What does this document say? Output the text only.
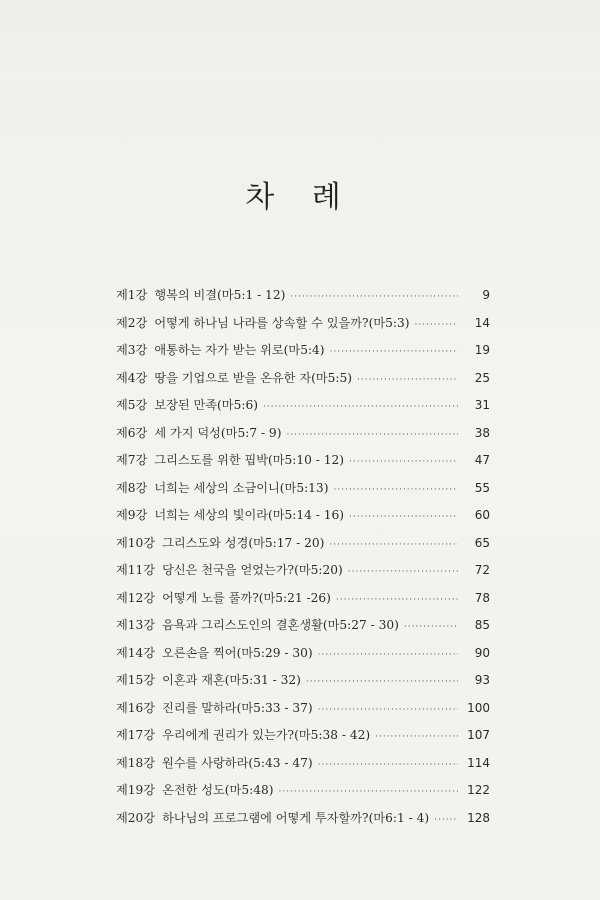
차 례
제1강 행복의 비결(마5:1 - 12) ·····	9
제2강 어떻게 하나님 나라를 상속할 수 있을까?(마5:3) ·····	14
제3강 애통하는 자가 받는 위로(마5:4) ·····	19
제4강 땅을 기업으로 받을 온유한 자(마5:5) ·····	25
제5강 보장된 만족(마5:6) ·····	31
제6강 세 가지 덕성(마5:7 - 9) ·····	38
제7강 그리스도를 위한 핍박(마5:10 - 12) ·····	47
제8강 너희는 세상의 소금이니(마5:13) ·····	55
제9강 너희는 세상의 빛이라(마5:14 - 16) ·····	60
제10강 그리스도와 성경(마5:17 - 20) ·····	65
제11강 당신은 천국을 얻었는가?(마5:20) ·····	72
제12강 어떻게 노를 풀까?(마5:21 -26) ·····	78
제13강 음욕과 그리스도인의 결혼생활(마5:27 - 30) ·····	85
제14강 오른손을 찍어(마5:29 - 30) ·····	90
제15강 이혼과 재혼(마5:31 - 32) ·····	93
제16강 진리를 말하라(마5:33 - 37) ·····	100
제17강 우리에게 권리가 있는가?(마5:38 - 42) ·····	107
제18강 원수를 사랑하라(5:43 - 47) ·····	114
제19강 온전한 성도(마5:48) ·····	122
제20강 하나님의 프로그램에 어떻게 투자할까?(마6:1 - 4) ·····	128
